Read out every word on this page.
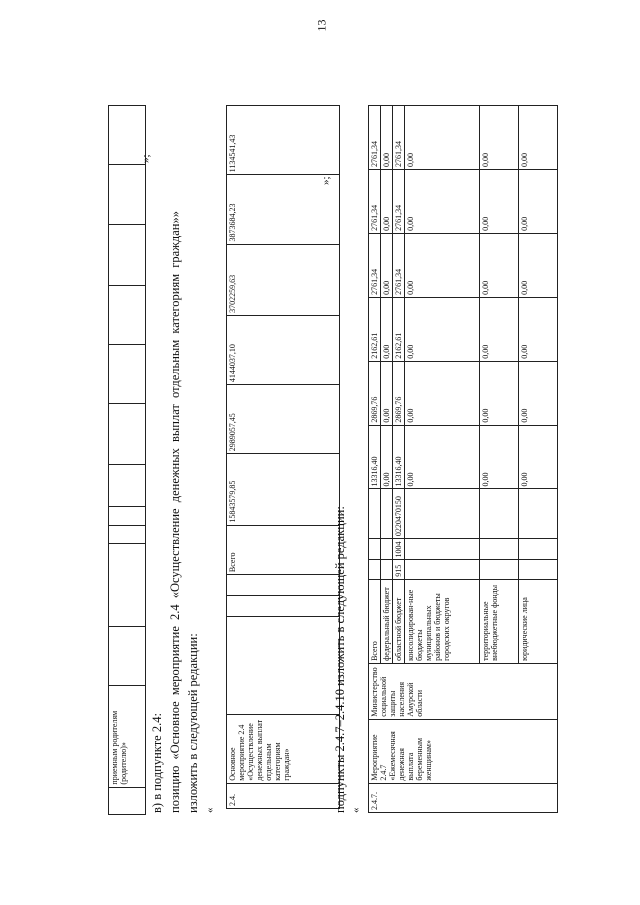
13
	приемным родителям (родителю)»											
»;
в) в подпункте 2.4: позицию «Основное мероприятие 2.4 «Осуществление денежных выплат отдельным категориям граждан»» изложить в следующей редакции: «
2.4.	Основное мероприятие 2.4 «Осуществление денежных выплат отдельным категориям граждан»				Всего	15843579,85	2989057,45	4144037,10	3702259,63	3873684,23	1134541,43
»;
подпункты 2.4.7–2.4.10 изложить в следующей редакции: «
2.4.7.	Мероприятие 2.4.7 «Ежемесячная денежная выплата беременным женщинам»	Министерство социальной защиты населения Амурской области	Всего				13316,40	2869,76	2162,61	2761,34	2761,34	2761,34
			федеральный бюджет				0,00	0,00	0,00	0,00	0,00	0,00
			областной бюджет	915	1004	0220470150	13316,40	2869,76	2162,61	2761,34	2761,34	2761,34
			консолидирован-ные бюджеты муниципальных районов и бюджеты городских округов				0,00	0,00	0,00	0,00	0,00	0,00
			территориальные внебюджетные фонды				0,00	0,00	0,00	0,00	0,00	0,00
			юридические лица				0,00	0,00	0,00	0,00	0,00	0,00
